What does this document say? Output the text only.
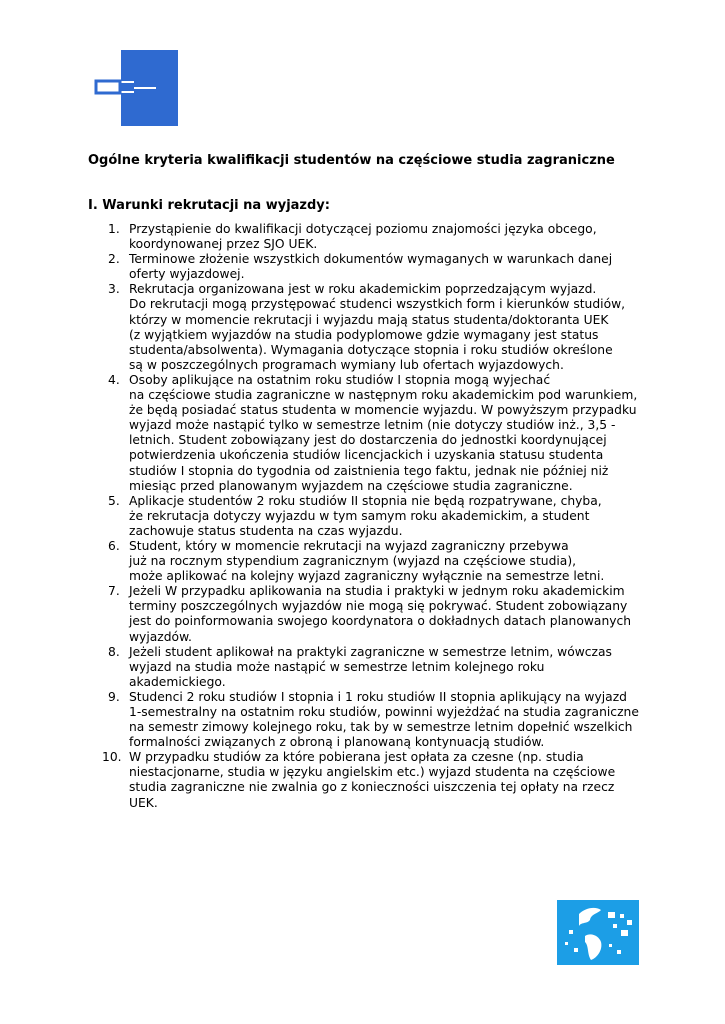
Ogólne kryteria kwalifikacji studentów na częściowe studia zagraniczne
I. Warunki rekrutacji na wyjazdy:
1. Przystąpienie do kwalifikacji dotyczącej poziomu znajomości języka obcego,
koordynowanej przez SJO UEK.
2. Terminowe złożenie wszystkich dokumentów wymaganych w warunkach danej
oferty wyjazdowej.
3. Rekrutacja organizowana jest w roku akademickim poprzedzającym wyjazd.
Do rekrutacji mogą przystępować studenci wszystkich form i kierunków studiów,
którzy w momencie rekrutacji i wyjazdu mają status studenta/doktoranta UEK
(z wyjątkiem wyjazdów na studia podyplomowe gdzie wymagany jest status
studenta/absolwenta). Wymagania dotyczące stopnia i roku studiów określone
są w poszczególnych programach wymiany lub ofertach wyjazdowych.
4. Osoby aplikujące na ostatnim roku studiów I stopnia mogą wyjechać
na częściowe studia zagraniczne w następnym roku akademickim pod warunkiem,
że będą posiadać status studenta w momencie wyjazdu. W powyższym przypadku
wyjazd może nastąpić tylko w semestrze letnim (nie dotyczy studiów inż., 3,5 -
letnich. Student zobowiązany jest do dostarczenia do jednostki koordynującej
potwierdzenia ukończenia studiów licencjackich i uzyskania statusu studenta
studiów I stopnia do tygodnia od zaistnienia tego faktu, jednak nie później niż
miesiąc przed planowanym wyjazdem na częściowe studia zagraniczne.
5. Aplikacje studentów 2 roku studiów II stopnia nie będą rozpatrywane, chyba,
że rekrutacja dotyczy wyjazdu w tym samym roku akademickim, a student
zachowuje status studenta na czas wyjazdu.
6. Student, który w momencie rekrutacji na wyjazd zagraniczny przebywa
już na rocznym stypendium zagranicznym (wyjazd na częściowe studia),
może aplikować na kolejny wyjazd zagraniczny wyłącznie na semestrze letni.
7. Jeżeli W przypadku aplikowania na studia i praktyki w jednym roku akademickim
terminy poszczególnych wyjazdów nie mogą się pokrywać. Student zobowiązany
jest do poinformowania swojego koordynatora o dokładnych datach planowanych
wyjazdów.
8. Jeżeli student aplikował na praktyki zagraniczne w semestrze letnim, wówczas
wyjazd na studia może nastąpić w semestrze letnim kolejnego roku
akademickiego.
9. Studenci 2 roku studiów I stopnia i 1 roku studiów II stopnia aplikujący na wyjazd
1-semestralny na ostatnim roku studiów, powinni wyjeżdżać na studia zagraniczne
na semestr zimowy kolejnego roku, tak by w semestrze letnim dopełnić wszelkich
formalności związanych z obroną i planowaną kontynuacją studiów.
10. W przypadku studiów za które pobierana jest opłata za czesne (np. studia
niestacjonarne, studia w języku angielskim etc.) wyjazd studenta na częściowe
studia zagraniczne nie zwalnia go z konieczności uiszczenia tej opłaty na rzecz
UEK.
